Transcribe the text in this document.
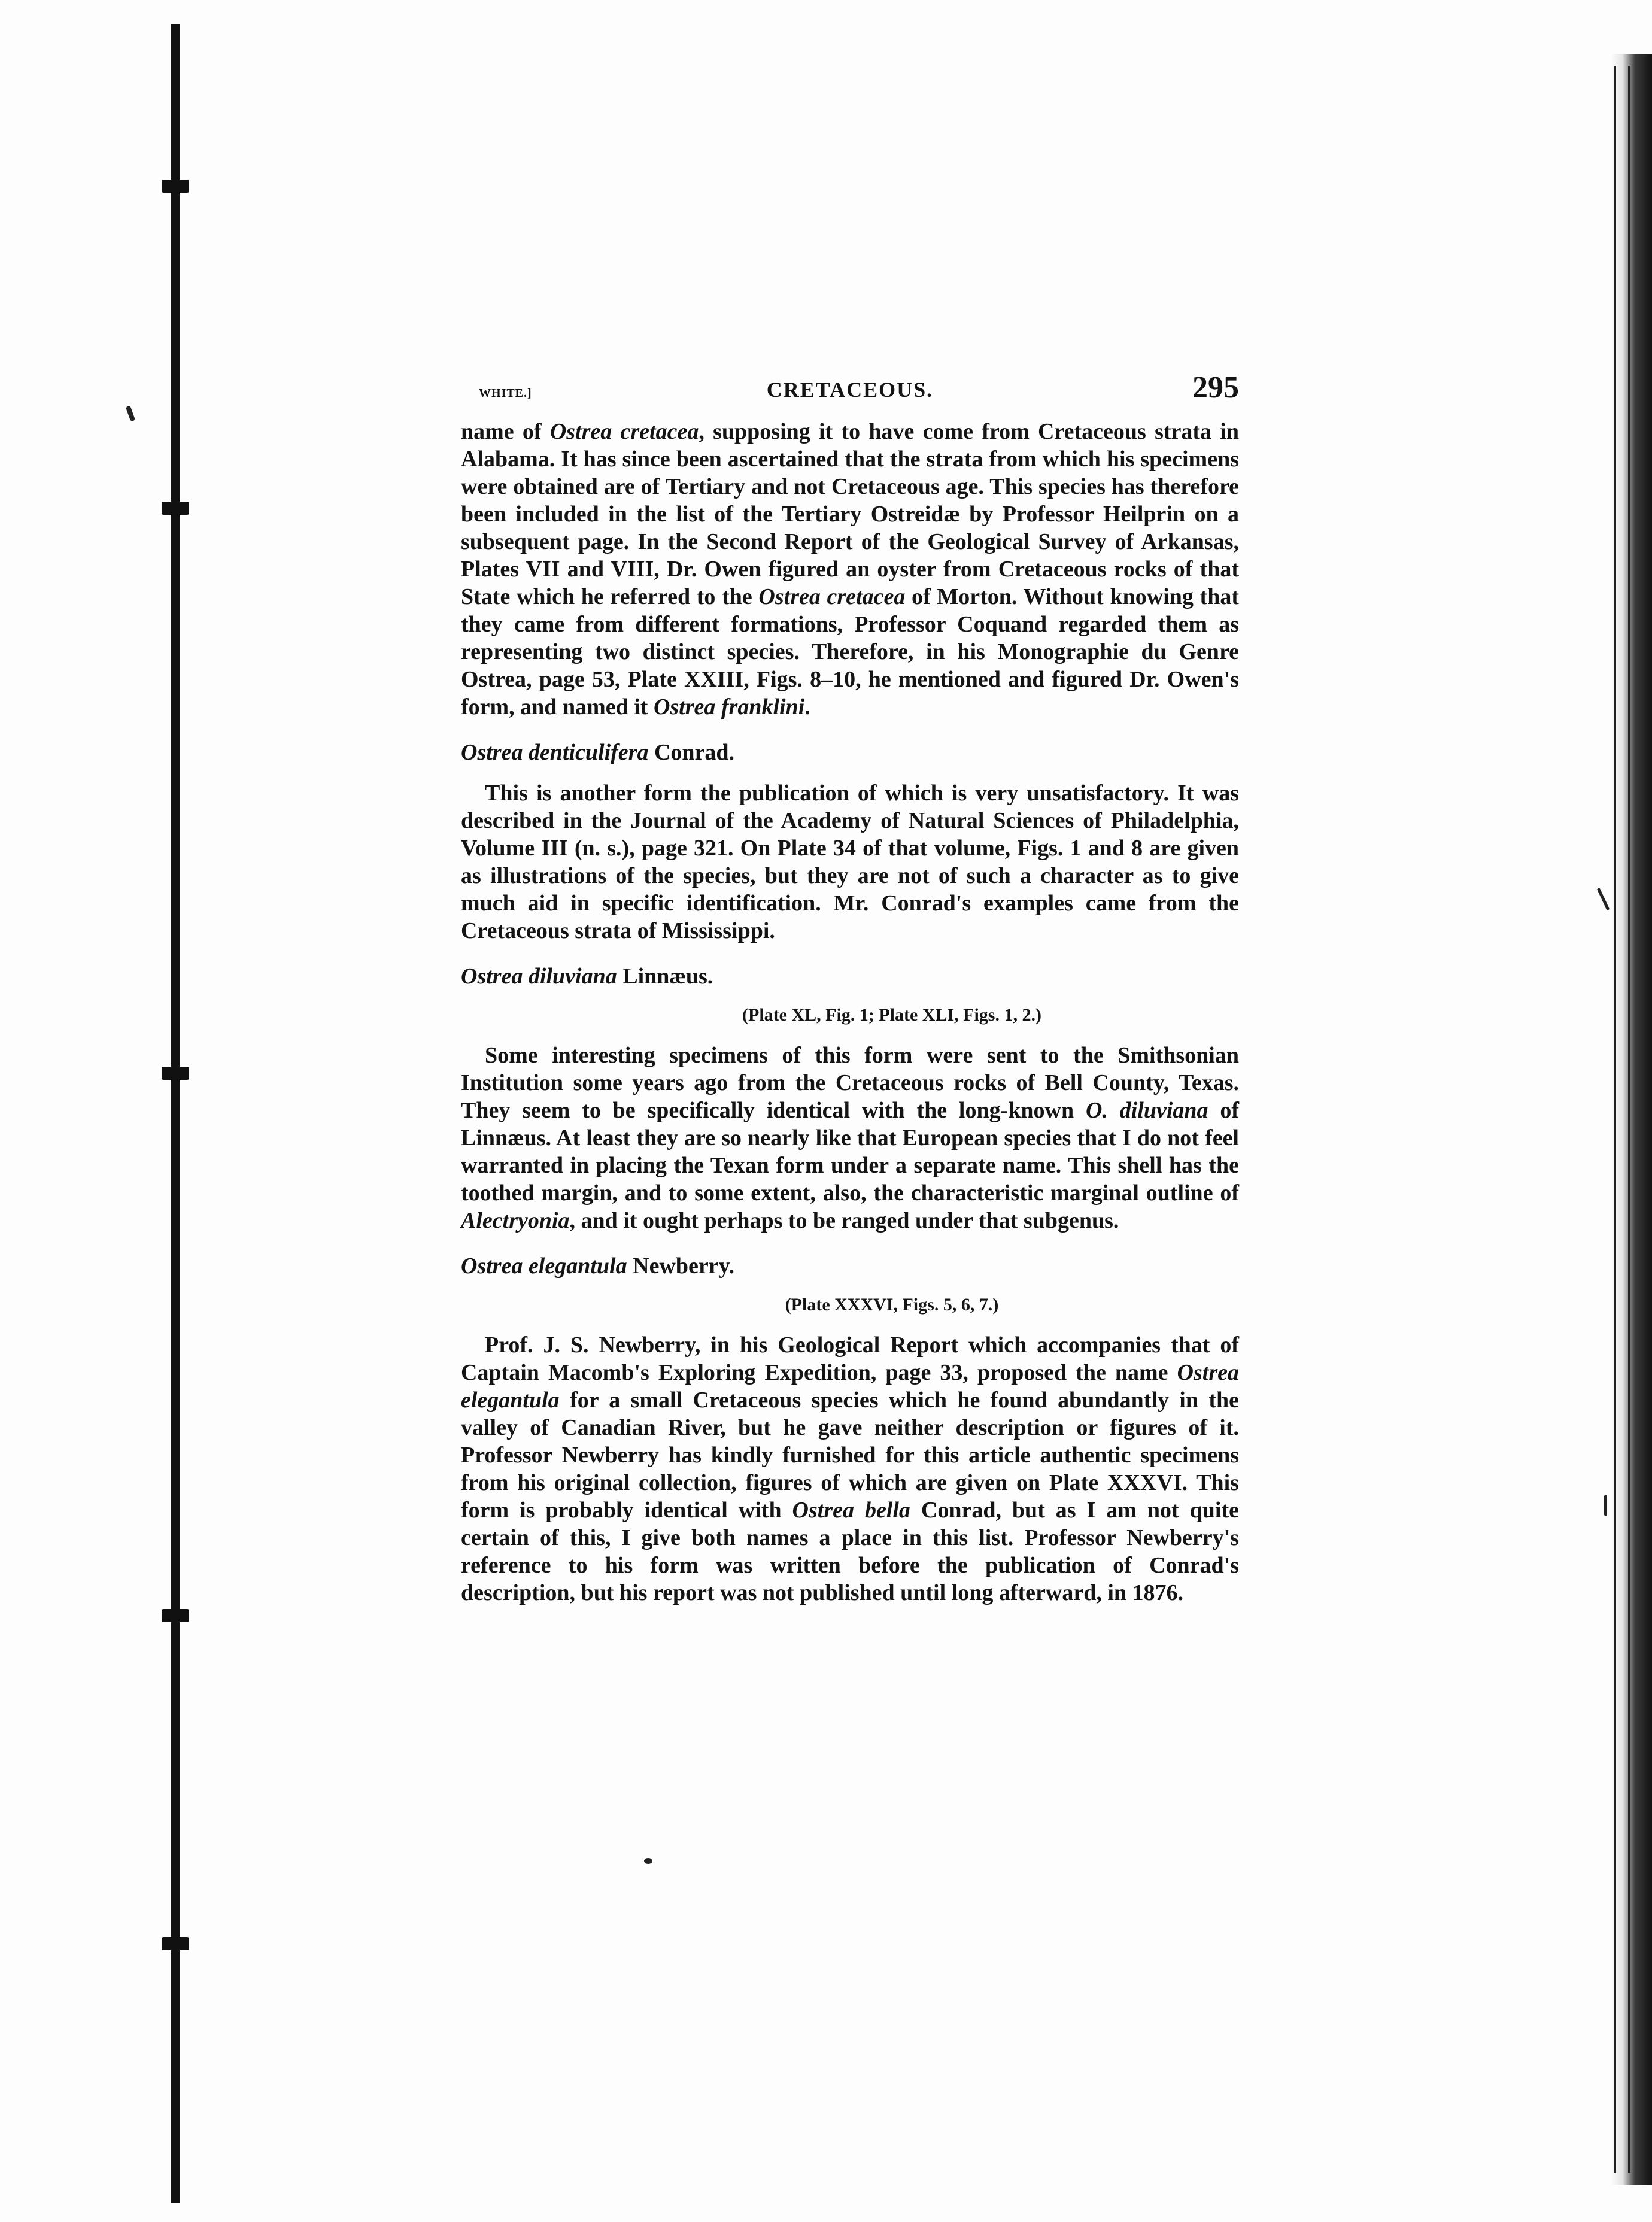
WHITE.]	CRETACEOUS.	295

name of Ostrea cretacea, supposing it to have come from Cretaceous strata in Alabama. It has since been ascertained that the strata from which his specimens were obtained are of Tertiary and not Cretaceous age. This species has therefore been included in the list of the Tertiary Ostreidæ by Professor Heilprin on a subsequent page. In the Second Report of the Geological Survey of Arkansas, Plates VII and VIII, Dr. Owen figured an oyster from Cretaceous rocks of that State which he referred to the Ostrea cretacea of Morton. Without knowing that they came from different formations, Professor Coquand regarded them as representing two distinct species. Therefore, in his Monographie du Genre Ostrea, page 53, Plate XXIII, Figs. 8–10, he mentioned and figured Dr. Owen's form, and named it Ostrea franklini.

Ostrea denticulifera Conrad.

This is another form the publication of which is very unsatisfactory. It was described in the Journal of the Academy of Natural Sciences of Philadelphia, Volume III (n. s.), page 321. On Plate 34 of that volume, Figs. 1 and 8 are given as illustrations of the species, but they are not of such a character as to give much aid in specific identification. Mr. Conrad's examples came from the Cretaceous strata of Mississippi.

Ostrea diluviana Linnæus.
(Plate XL, Fig. 1; Plate XLI, Figs. 1, 2.)

Some interesting specimens of this form were sent to the Smithsonian Institution some years ago from the Cretaceous rocks of Bell County, Texas. They seem to be specifically identical with the long-known O. diluviana of Linnæus. At least they are so nearly like that European species that I do not feel warranted in placing the Texan form under a separate name. This shell has the toothed margin, and to some extent, also, the characteristic marginal outline of Alectryonia, and it ought perhaps to be ranged under that subgenus.

Ostrea elegantula Newberry.
(Plate XXXVI, Figs. 5, 6, 7.)

Prof. J. S. Newberry, in his Geological Report which accompanies that of Captain Macomb's Exploring Expedition, page 33, proposed the name Ostrea elegantula for a small Cretaceous species which he found abundantly in the valley of Canadian River, but he gave neither description or figures of it. Professor Newberry has kindly furnished for this article authentic specimens from his original collection, figures of which are given on Plate XXXVI. This form is probably identical with Ostrea bella Conrad, but as I am not quite certain of this, I give both names a place in this list. Professor Newberry's reference to his form was written before the publication of Conrad's description, but his report was not published until long afterward, in 1876.
